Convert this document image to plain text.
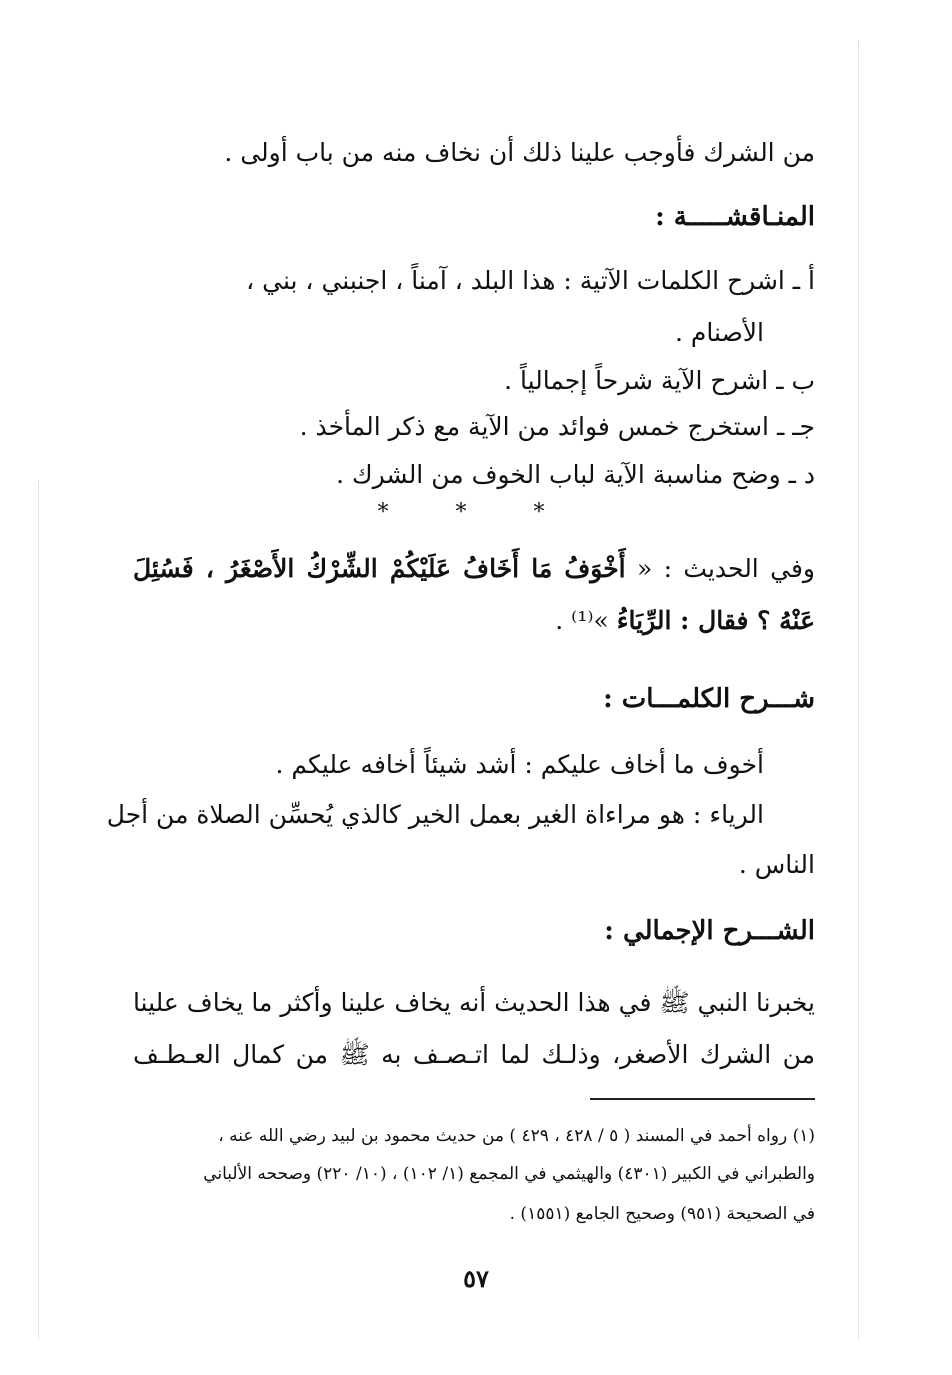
من الشرك فأوجب علينا ذلك أن نخاف منه من باب أولى .
المنـاقشـــــة :
أ ـ اشرح الكلمات الآتية : هذا البلد ، آمناً ، اجنبني ، بني ،
الأصنام .
ب ـ اشرح الآية شرحاً إجمالياً .
جـ ـ استخرج خمس فوائد من الآية مع ذكر المأخذ .
د ـ وضح مناسبة الآية لباب الخوف من الشرك .
* * *
وفي الحديث : « أَخْوَفُ مَا أَخَافُ عَلَيْكُمْ الشِّرْكُ الأَصْغَرُ ، فَسُئِلَ
عَنْهُ ؟ فقال : الرِّيَاءُ »⁽¹⁾ .
شـــرح الكلمـــات :
أخوف ما أخاف عليكم : أشد شيئاً أخافه عليكم .
الرياء : هو مراءاة الغير بعمل الخير كالذي يُحسِّن الصلاة من أجل
الناس .
الشـــرح الإجمالي :
يخبرنا النبي ﷺ في هذا الحديث أنه يخاف علينا وأكثر ما يخاف علينا
من الشرك الأصغر، وذلـك لما اتـصـف به ﷺ من كمال العـطـف
(١) رواه أحمد في المسند ( ٥ / ٤٢٨ ، ٤٢٩ ) من حديث محمود بن لبيد رضي الله عنه ،
والطبراني في الكبير (٤٣٠١) والهيثمي في المجمع (١/ ١٠٢) ، (١٠/ ٢٢٠) وصححه الألباني
في الصحيحة (٩٥١) وصحيح الجامع (١٥٥١) .
٥٧
